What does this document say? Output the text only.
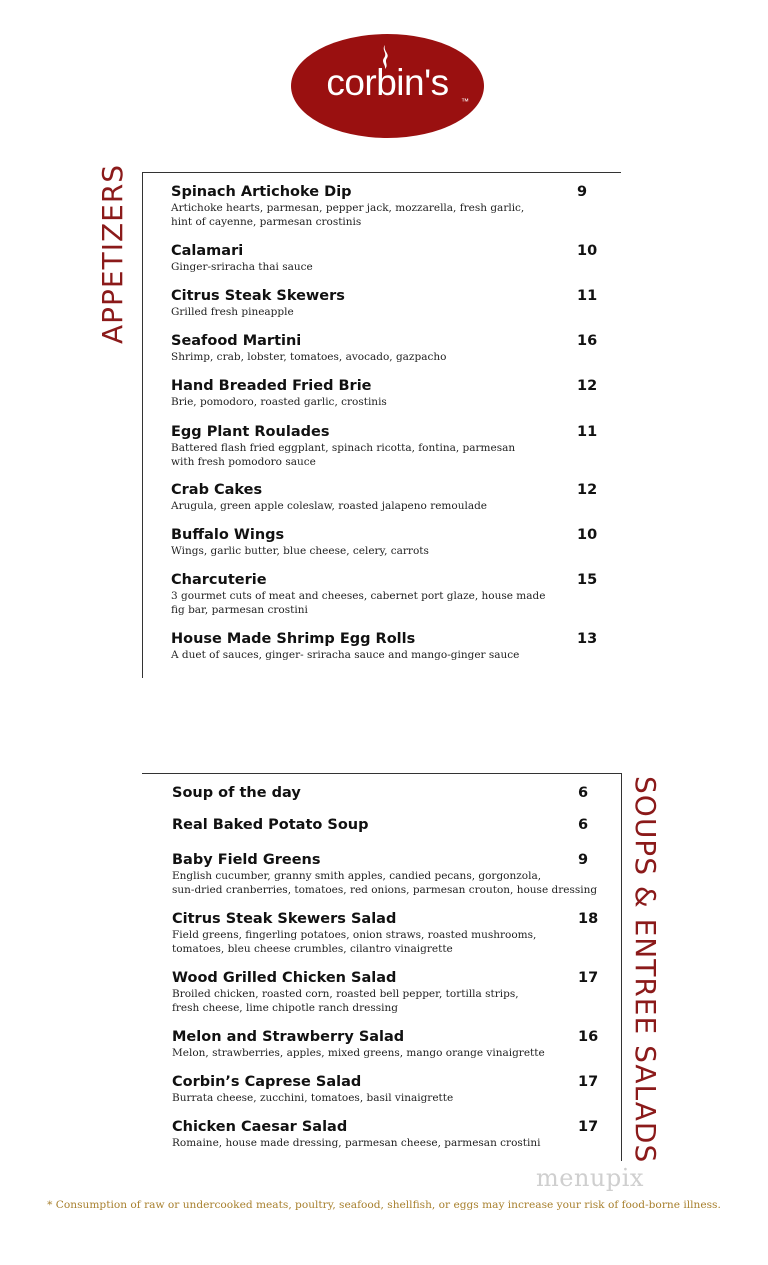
corbin's	™
APPETIZERS
SOUPS & ENTREE SALADS
Spinach Artichoke Dip
Artichoke hearts, parmesan, pepper jack, mozzarella, fresh garlic,
hint of cayenne, parmesan crostinis
9
Calamari
Ginger-sriracha thai sauce
10
Citrus Steak Skewers
Grilled fresh pineapple
11
Seafood Martini
Shrimp, crab, lobster, tomatoes, avocado, gazpacho
16
Hand Breaded Fried Brie
Brie, pomodoro, roasted garlic, crostinis
12
Egg Plant Roulades
Battered flash fried eggplant, spinach ricotta, fontina, parmesan
with fresh pomodoro sauce
11
Crab Cakes
Arugula, green apple coleslaw, roasted jalapeno remoulade
12
Buffalo Wings
Wings, garlic butter, blue cheese, celery, carrots
10
Charcuterie
3 gourmet cuts of meat and cheeses, cabernet port glaze, house made
fig bar, parmesan crostini
15
House Made Shrimp Egg Rolls
A duet of sauces, ginger- sriracha sauce and mango-ginger sauce
13
Soup of the day	6
Real Baked Potato Soup	6
Baby Field Greens
English cucumber, granny smith apples, candied pecans, gorgonzola,
sun-dried cranberries, tomatoes, red onions, parmesan crouton, house dressing
9
Citrus Steak Skewers Salad
Field greens, fingerling potatoes, onion straws, roasted mushrooms,
tomatoes, bleu cheese crumbles, cilantro vinaigrette
18
Wood Grilled Chicken Salad
Broiled chicken, roasted corn, roasted bell pepper, tortilla strips,
fresh cheese, lime chipotle ranch dressing
17
Melon and Strawberry Salad
Melon, strawberries, apples, mixed greens, mango orange vinaigrette
16
Corbin’s Caprese Salad
Burrata cheese, zucchini, tomatoes, basil vinaigrette
17
Chicken Caesar Salad
Romaine, house made dressing, parmesan cheese, parmesan crostini
17
menupix
* Consumption of raw or undercooked meats, poultry, seafood, shellfish, or eggs may increase your risk of food-borne illness.
